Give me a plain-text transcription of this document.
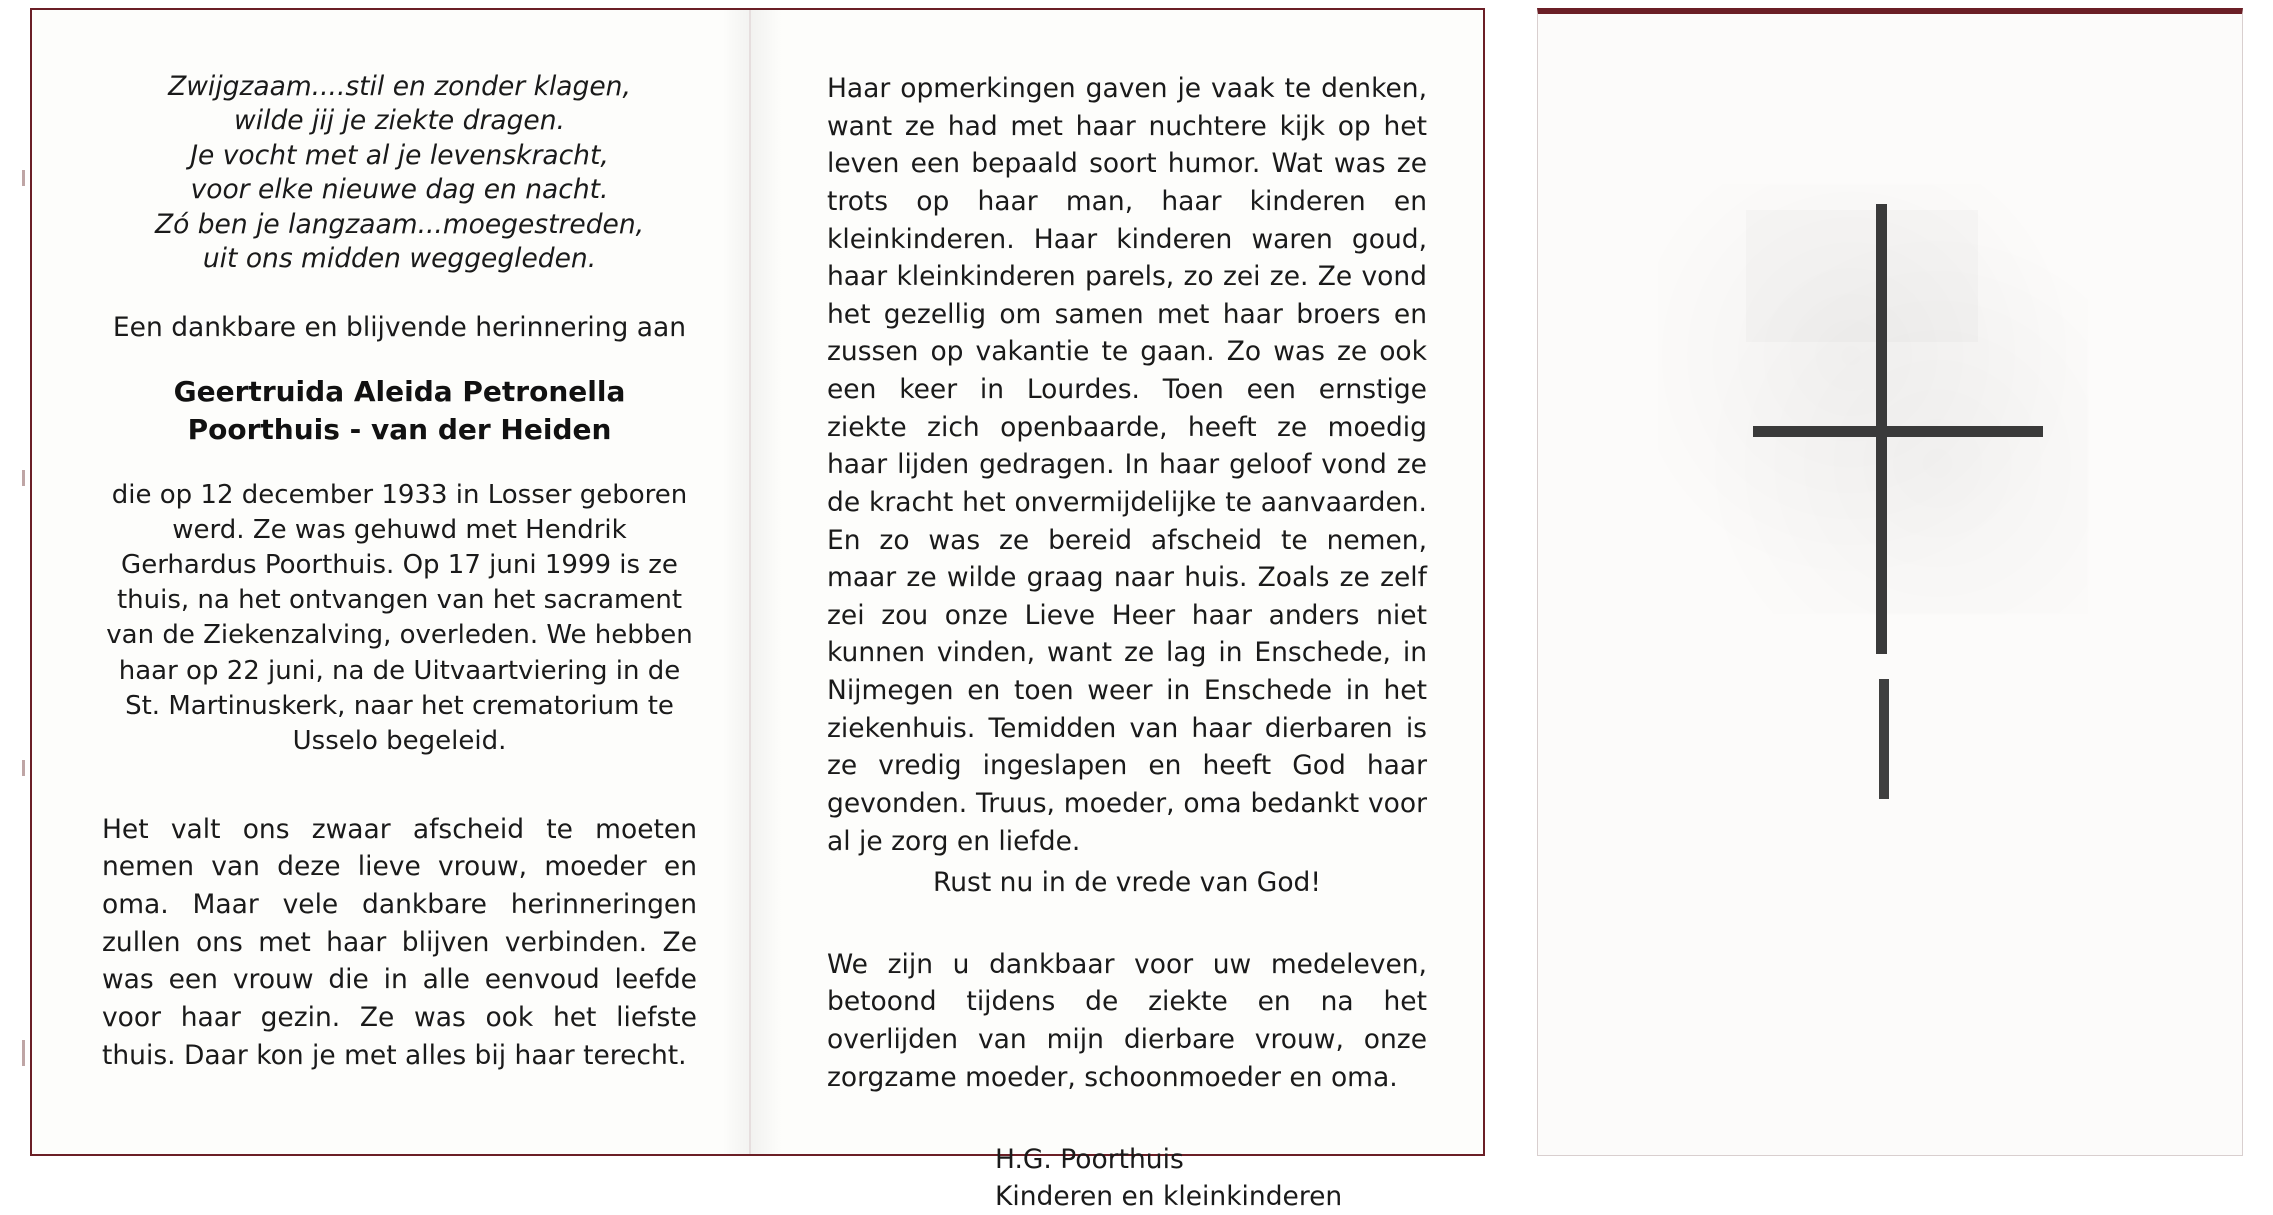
Zwijgzaam....stil en zonder klagen,
wilde jij je ziekte dragen.
Je vocht met al je levenskracht,
voor elke nieuwe dag en nacht.
Zó ben je langzaam...moegestreden,
uit ons midden weggegleden.
Een dankbare en blijvende herinnering aan
Geertruida Aleida Petronella
Poorthuis - van der Heiden
die op 12 december 1933 in Losser geboren werd. Ze was gehuwd met Hendrik Gerhardus Poorthuis. Op 17 juni 1999 is ze thuis, na het ontvangen van het sacrament van de Ziekenzalving, overleden. We hebben haar op 22 juni, na de Uitvaartviering in de St. Martinuskerk, naar het crematorium te Usselo begeleid.
Het valt ons zwaar afscheid te moeten nemen van deze lieve vrouw, moeder en oma. Maar vele dankbare herinneringen zullen ons met haar blijven verbinden. Ze was een vrouw die in alle eenvoud leefde voor haar gezin. Ze was ook het liefste thuis. Daar kon je met alles bij haar terecht.
Haar opmerkingen gaven je vaak te denken, want ze had met haar nuchtere kijk op het leven een bepaald soort humor. Wat was ze trots op haar man, haar kinderen en kleinkinderen. Haar kinderen waren goud, haar kleinkinderen parels, zo zei ze. Ze vond het gezellig om samen met haar broers en zussen op vakantie te gaan. Zo was ze ook een keer in Lourdes. Toen een ernstige ziekte zich openbaarde, heeft ze moedig haar lijden gedragen. In haar geloof vond ze de kracht het onvermijdelijke te aanvaarden. En zo was ze bereid afscheid te nemen, maar ze wilde graag naar huis. Zoals ze zelf zei zou onze Lieve Heer haar anders niet kunnen vinden, want ze lag in Enschede, in Nijmegen en toen weer in Enschede in het ziekenhuis. Temidden van haar dierbaren is ze vredig ingeslapen en heeft God haar gevonden. Truus, moeder, oma bedankt voor al je zorg en liefde.
Rust nu in de vrede van God!
We zijn u dankbaar voor uw medeleven, betoond tijdens de ziekte en na het overlijden van mijn dierbare vrouw, onze zorgzame moeder, schoonmoeder en oma.
H.G. Poorthuis
Kinderen en kleinkinderen
